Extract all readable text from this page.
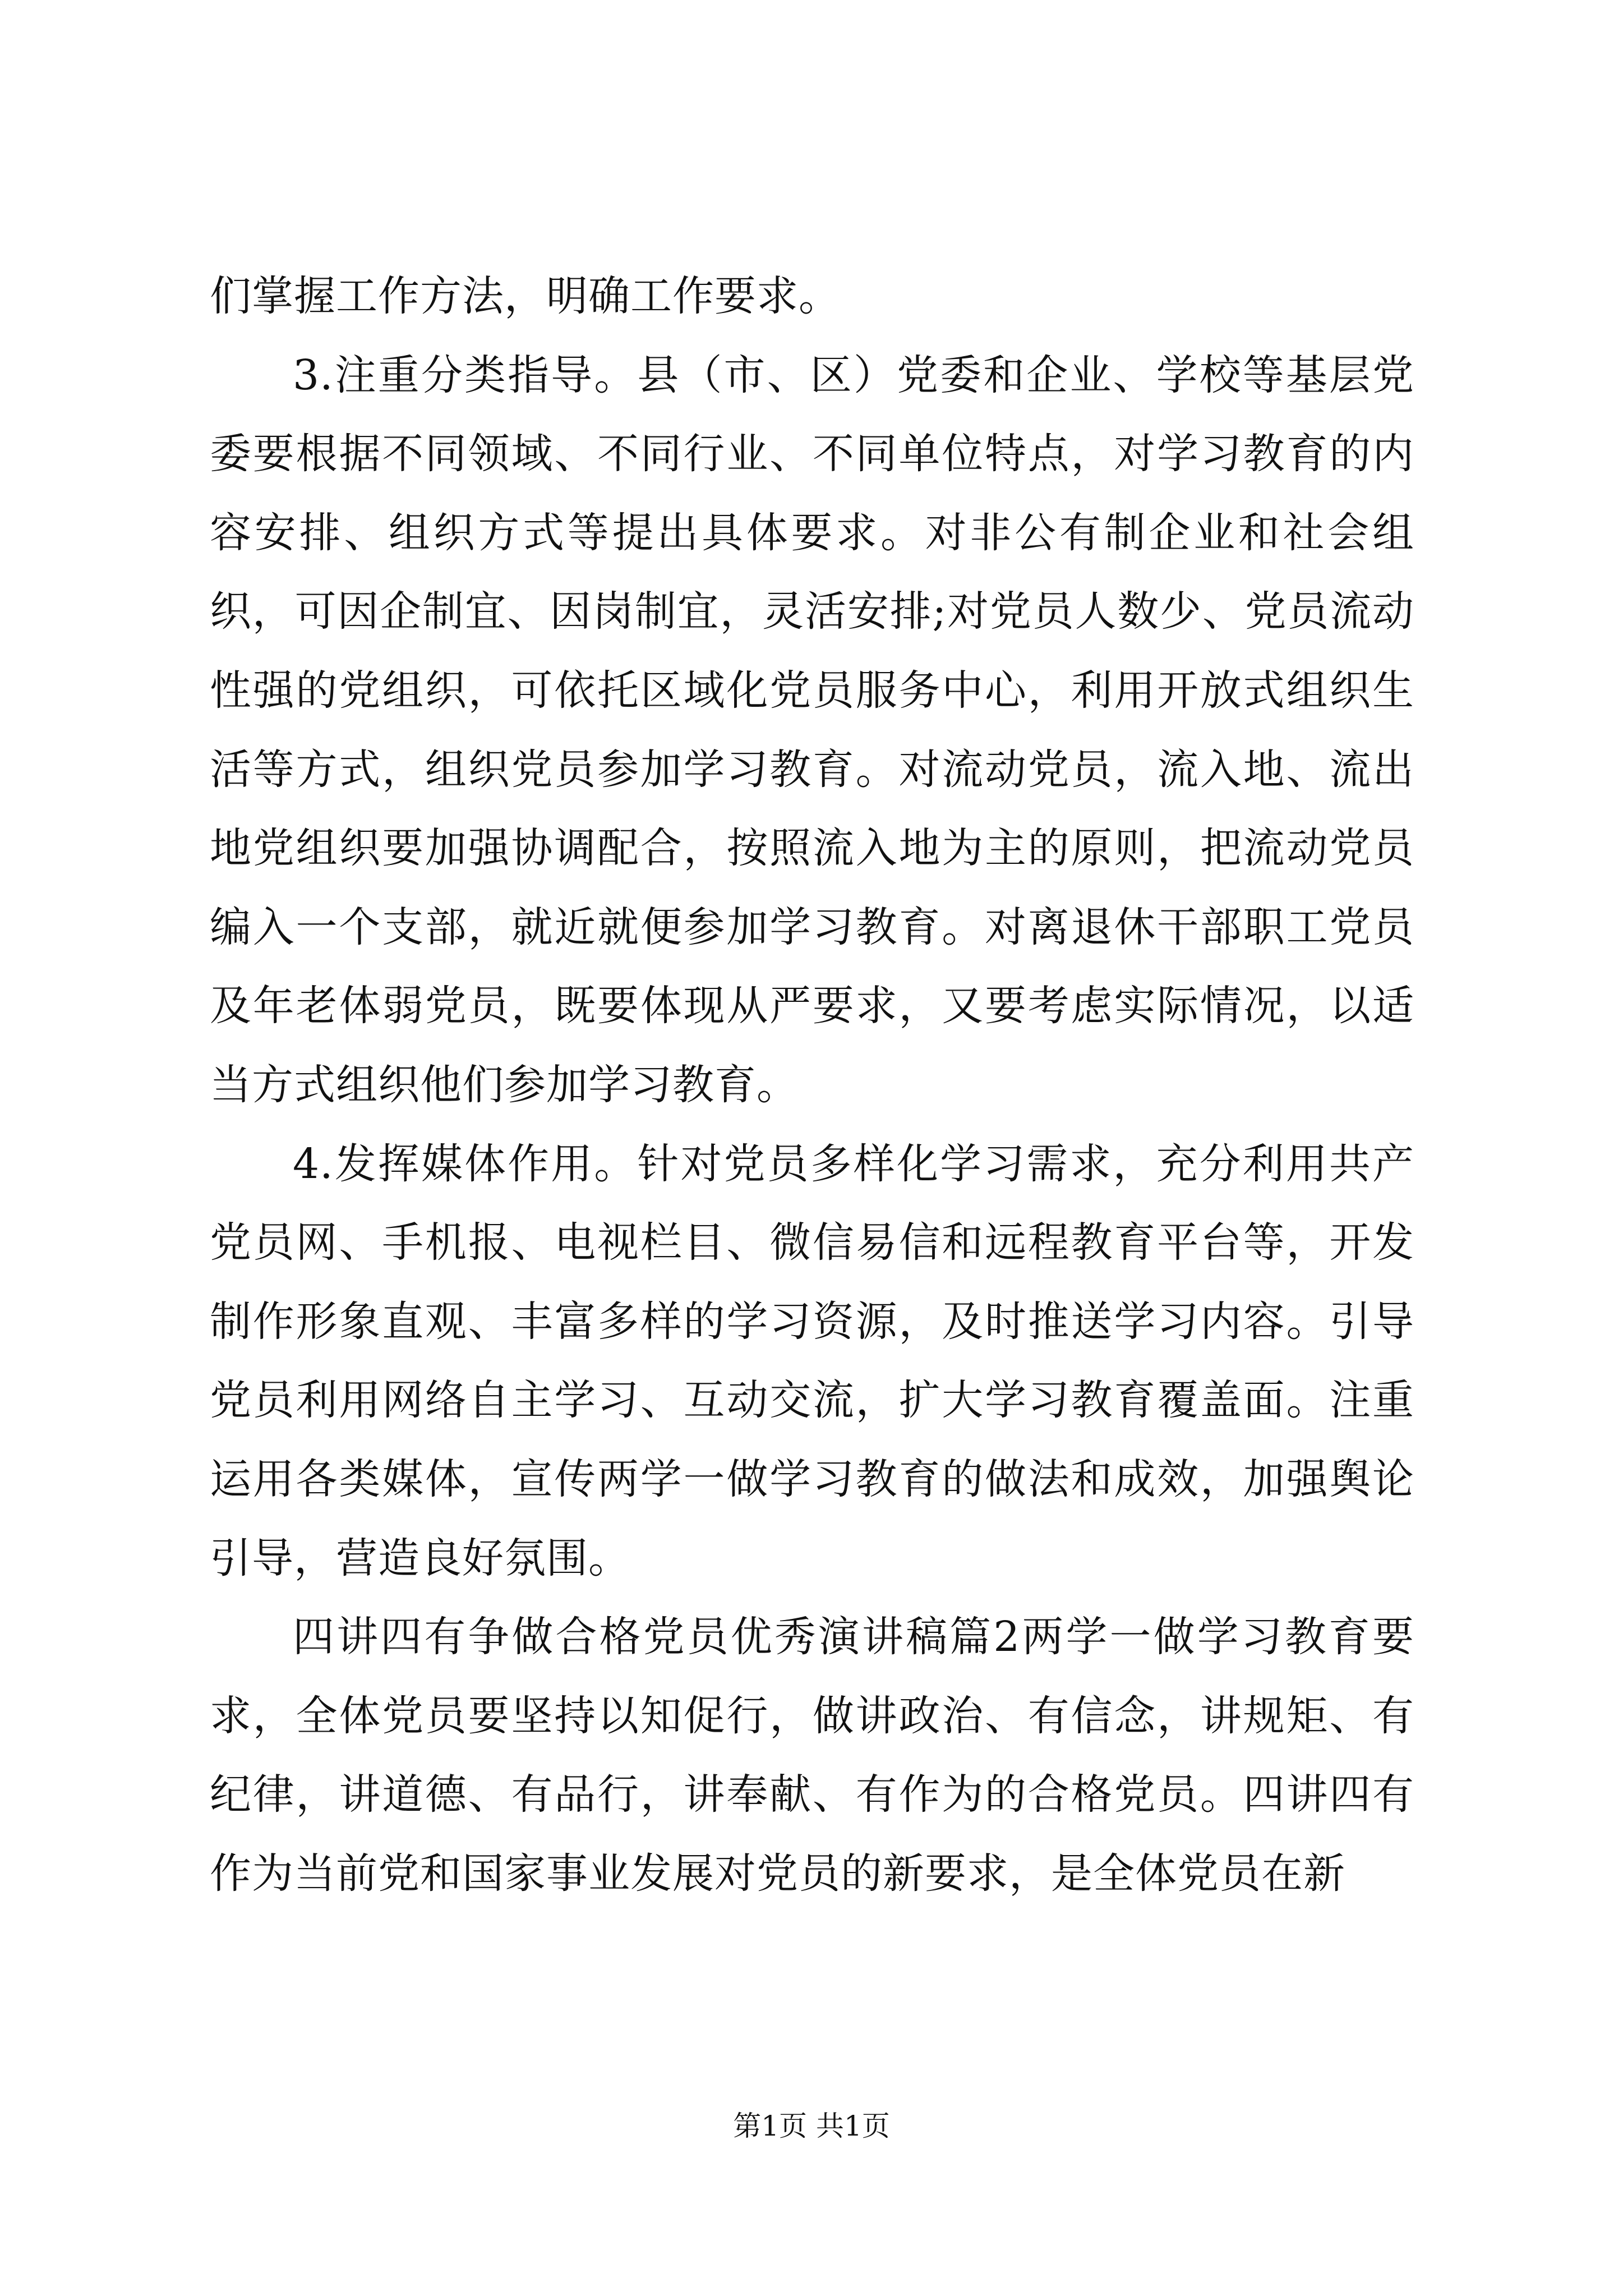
们掌握工作方法，明确工作要求。

3.注重分类指导。县（市、区）党委和企业、学校等基层党委要根据不同领域、不同行业、不同单位特点，对学习教育的内容安排、组织方式等提出具体要求。对非公有制企业和社会组织，可因企制宜、因岗制宜，灵活安排;对党员人数少、党员流动性强的党组织，可依托区域化党员服务中心，利用开放式组织生活等方式，组织党员参加学习教育。对流动党员，流入地、流出地党组织要加强协调配合，按照流入地为主的原则，把流动党员编入一个支部，就近就便参加学习教育。对离退休干部职工党员及年老体弱党员，既要体现从严要求，又要考虑实际情况，以适当方式组织他们参加学习教育。

4.发挥媒体作用。针对党员多样化学习需求，充分利用共产党员网、手机报、电视栏目、微信易信和远程教育平台等，开发制作形象直观、丰富多样的学习资源，及时推送学习内容。引导党员利用网络自主学习、互动交流，扩大学习教育覆盖面。注重运用各类媒体，宣传两学一做学习教育的做法和成效，加强舆论引导，营造良好氛围。

四讲四有争做合格党员优秀演讲稿篇2两学一做学习教育要求，全体党员要坚持以知促行，做讲政治、有信念，讲规矩、有纪律，讲道德、有品行，讲奉献、有作为的合格党员。四讲四有作为当前党和国家事业发展对党员的新要求，是全体党员在新

第1页 共1页
